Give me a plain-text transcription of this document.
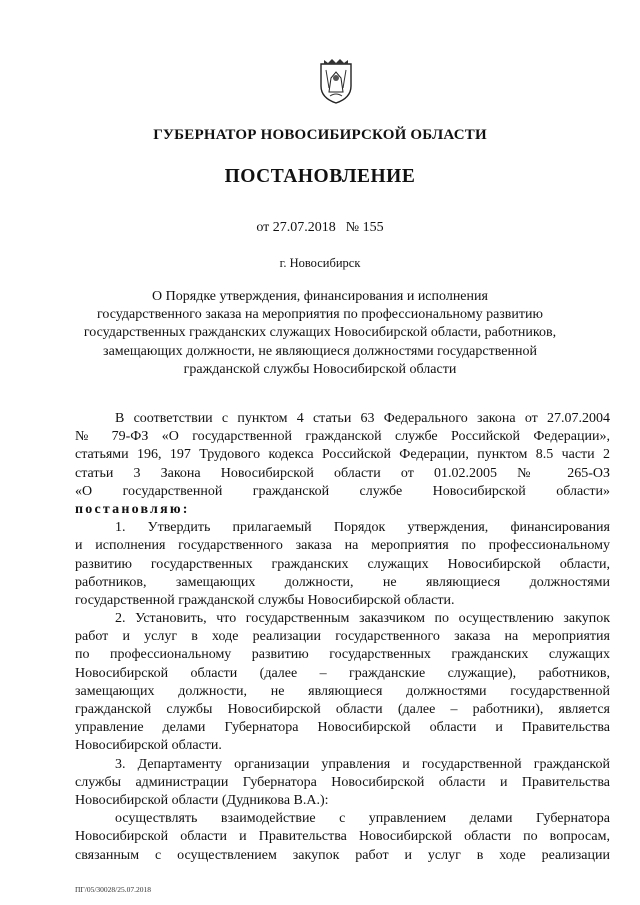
ГУБЕРНАТОР НОВОСИБИРСКОЙ ОБЛАСТИ
ПОСТАНОВЛЕНИЕ
от 27.07.2018 № 155
г. Новосибирск
О Порядке утверждения, финансирования и исполнения
государственного заказа на мероприятия по профессиональному развитию
государственных гражданских служащих Новосибирской области, работников,
замещающих должности, не являющиеся должностями государственной
гражданской службы Новосибирской области
В соответствии с пунктом 4 статьи 63 Федерального закона от 27.07.2004
№ 79-ФЗ «О государственной гражданской службе Российской Федерации»,
статьями 196, 197 Трудового кодекса Российской Федерации, пунктом 8.5 части 2
статьи 3 Закона Новосибирской области от 01.02.2005 № 265-ОЗ
«О государственной гражданской службе Новосибирской области»
постановляю:
1. Утвердить прилагаемый Порядок утверждения, финансирования
и исполнения государственного заказа на мероприятия по профессиональному
развитию государственных гражданских служащих Новосибирской области,
работников, замещающих должности, не являющиеся должностями
государственной гражданской службы Новосибирской области.
2. Установить, что государственным заказчиком по осуществлению закупок
работ и услуг в ходе реализации государственного заказа на мероприятия
по профессиональному развитию государственных гражданских служащих
Новосибирской области (далее – гражданские служащие), работников,
замещающих должности, не являющиеся должностями государственной
гражданской службы Новосибирской области (далее – работники), является
управление делами Губернатора Новосибирской области и Правительства
Новосибирской области.
3. Департаменту организации управления и государственной гражданской
службы администрации Губернатора Новосибирской области и Правительства
Новосибирской области (Дудникова В.А.):
осуществлять взаимодействие с управлением делами Губернатора
Новосибирской области и Правительства Новосибирской области по вопросам,
связанным с осуществлением закупок работ и услуг в ходе реализации
ПГ/05/30028/25.07.2018
